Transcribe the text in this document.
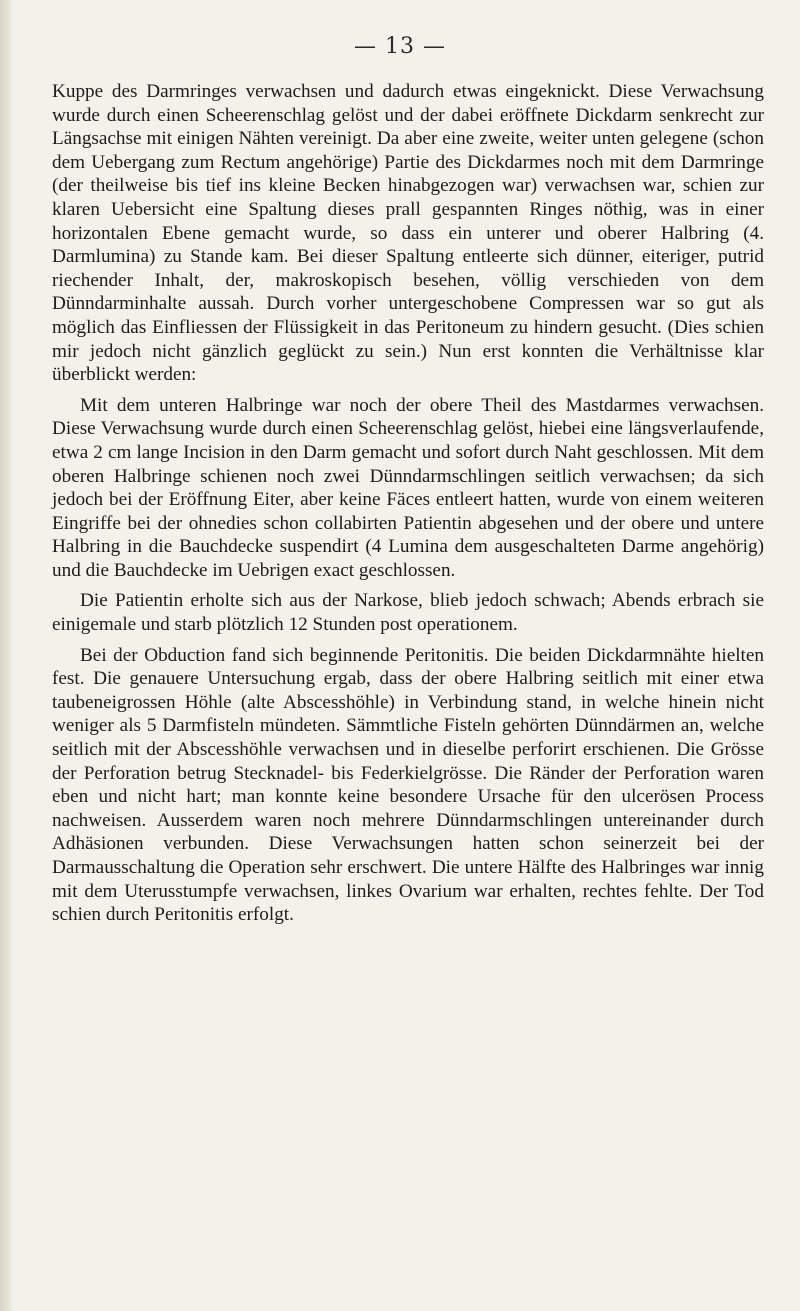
— 13 —

Kuppe des Darmringes verwachsen und dadurch etwas eingeknickt. Diese Verwachsung wurde durch einen Scheerenschlag gelöst und der dabei eröffnete Dickdarm senkrecht zur Längsachse mit einigen Nähten vereinigt. Da aber eine zweite, weiter unten gelegene (schon dem Uebergang zum Rectum angehörige) Partie des Dickdarmes noch mit dem Darmringe (der theilweise bis tief ins kleine Becken hinabgezogen war) verwachsen war, schien zur klaren Uebersicht eine Spaltung dieses prall gespannten Ringes nöthig, was in einer horizontalen Ebene gemacht wurde, so dass ein unterer und oberer Halbring (4. Darmlumina) zu Stande kam. Bei dieser Spaltung entleerte sich dünner, eiteriger, putrid riechender Inhalt, der, makroskopisch besehen, völlig verschieden von dem Dünndarminhalte aussah. Durch vorher untergeschobene Compressen war so gut als möglich das Einfliessen der Flüssigkeit in das Peritoneum zu hindern gesucht. (Dies schien mir jedoch nicht gänzlich geglückt zu sein.) Nun erst konnten die Verhältnisse klar überblickt werden:

Mit dem unteren Halbringe war noch der obere Theil des Mastdarmes verwachsen. Diese Verwachsung wurde durch einen Scheerenschlag gelöst, hiebei eine längsverlaufende, etwa 2 cm lange Incision in den Darm gemacht und sofort durch Naht geschlossen. Mit dem oberen Halbringe schienen noch zwei Dünndarmschlingen seitlich verwachsen; da sich jedoch bei der Eröffnung Eiter, aber keine Fäces entleert hatten, wurde von einem weiteren Eingriffe bei der ohnedies schon collabirten Patientin abgesehen und der obere und untere Halbring in die Bauchdecke suspendirt (4 Lumina dem ausgeschalteten Darme angehörig) und die Bauchdecke im Uebrigen exact geschlossen.

Die Patientin erholte sich aus der Narkose, blieb jedoch schwach; Abends erbrach sie einigemale und starb plötzlich 12 Stunden post operationem.

Bei der Obduction fand sich beginnende Peritonitis. Die beiden Dickdarmnähte hielten fest. Die genauere Untersuchung ergab, dass der obere Halbring seitlich mit einer etwa taubeneigrossen Höhle (alte Abscesshöhle) in Verbindung stand, in welche hinein nicht weniger als 5 Darmfisteln mündeten. Sämmtliche Fisteln gehörten Dünndärmen an, welche seitlich mit der Abscesshöhle verwachsen und in dieselbe perforirt erschienen. Die Grösse der Perforation betrug Stecknadel- bis Federkielgrösse. Die Ränder der Perforation waren eben und nicht hart; man konnte keine besondere Ursache für den ulcerösen Process nachweisen. Ausserdem waren noch mehrere Dünndarmschlingen untereinander durch Adhäsionen verbunden. Diese Verwachsungen hatten schon seinerzeit bei der Darmausschaltung die Operation sehr erschwert. Die untere Hälfte des Halbringes war innig mit dem Uterusstumpfe verwachsen, linkes Ovarium war erhalten, rechtes fehlte. Der Tod schien durch Peritonitis erfolgt.
